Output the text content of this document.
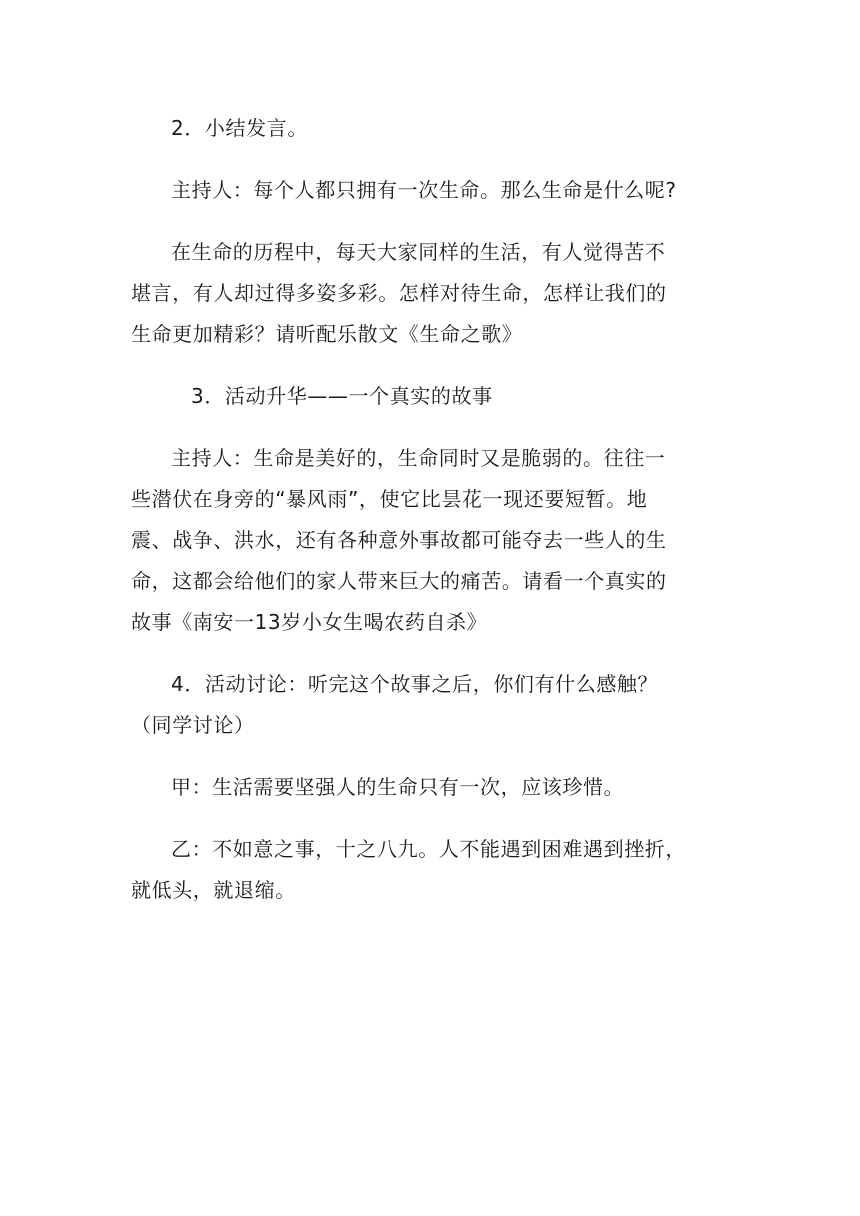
2．小结发言。

主持人：每个人都只拥有一次生命。那么生命是什么呢?

在生命的历程中，每天大家同样的生活，有人觉得苦不
堪言，有人却过得多姿多彩。怎样对待生命，怎样让我们的
生命更加精彩？请听配乐散文《生命之歌》

3．活动升华——一个真实的故事

主持人：生命是美好的，生命同时又是脆弱的。往往一
些潜伏在身旁的“暴风雨”，使它比昙花一现还要短暂。地
震、战争、洪水，还有各种意外事故都可能夺去一些人的生
命，这都会给他们的家人带来巨大的痛苦。请看一个真实的
故事《南安一13岁小女生喝农药自杀》

4．活动讨论：听完这个故事之后，你们有什么感触？
（同学讨论）

甲：生活需要坚强人的生命只有一次，应该珍惜。

乙：不如意之事，十之八九。人不能遇到困难遇到挫折，
就低头，就退缩。
